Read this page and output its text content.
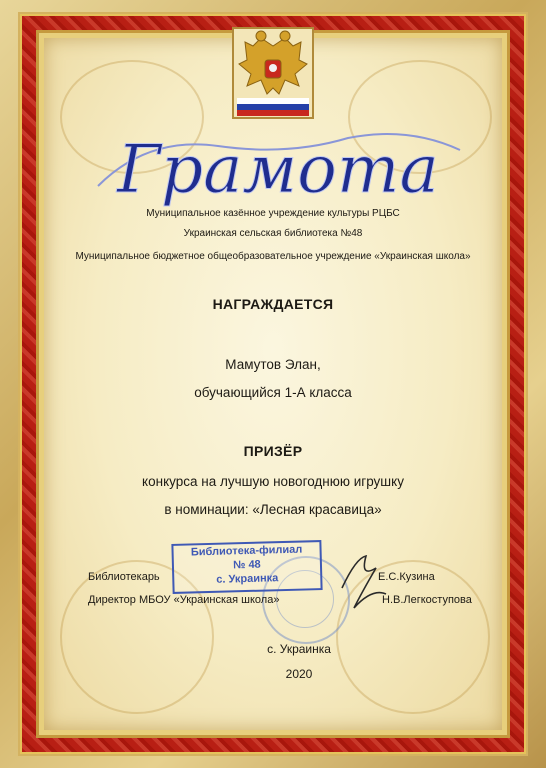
Грамота
Муниципальное казённое учреждение культуры РЦБС
Украинская сельская библиотека №48
Муниципальное бюджетное общеобразовательное учреждение «Украинская школа»
НАГРАЖДАЕТСЯ
Мамутов Элан,
обучающийся 1-А класса
ПРИЗЁР
конкурса на лучшую новогоднюю игрушку
в номинации: «Лесная красавица»
Библиотека-филиал
№ 48
с. Украинка
Библиотекарь	Е.С.Кузина
Директор МБОУ «Украинская школа»	Н.В.Легкоступова
с. Украинка
2020
